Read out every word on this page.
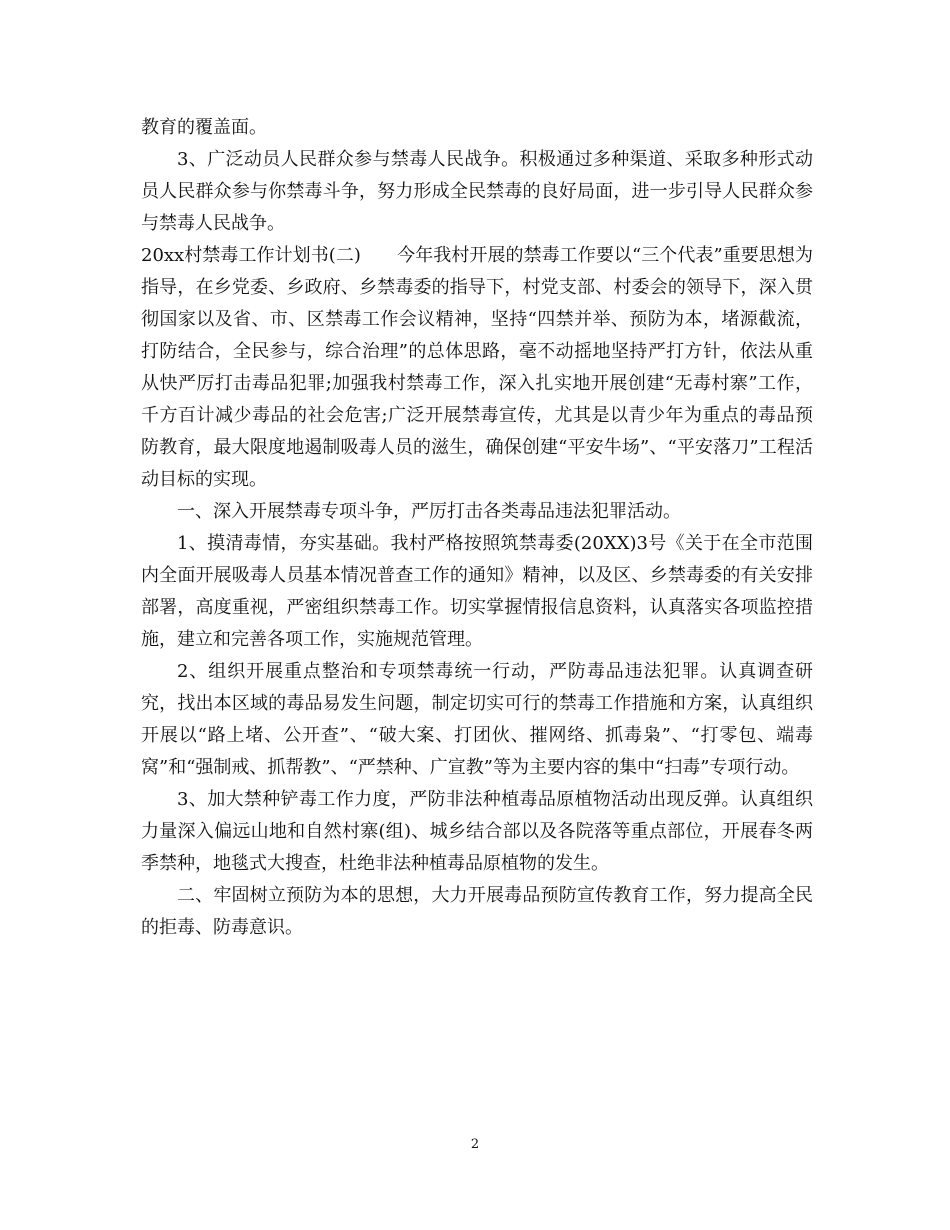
教育的覆盖面。

3、广泛动员人民群众参与禁毒人民战争。积极通过多种渠道、采取多种形式动员人民群众参与你禁毒斗争，努力形成全民禁毒的良好局面，进一步引导人民群众参与禁毒人民战争。

20xx村禁毒工作计划书(二)　　今年我村开展的禁毒工作要以“三个代表”重要思想为指导，在乡党委、乡政府、乡禁毒委的指导下，村党支部、村委会的领导下，深入贯彻国家以及省、市、区禁毒工作会议精神，坚持“四禁并举、预防为本，堵源截流，打防结合，全民参与，综合治理”的总体思路，毫不动摇地坚持严打方针，依法从重从快严厉打击毒品犯罪;加强我村禁毒工作，深入扎实地开展创建“无毒村寨”工作，千方百计减少毒品的社会危害;广泛开展禁毒宣传，尤其是以青少年为重点的毒品预防教育，最大限度地遏制吸毒人员的滋生，确保创建“平安牛场”、“平安落刀”工程活动目标的实现。

一、深入开展禁毒专项斗争，严厉打击各类毒品违法犯罪活动。

1、摸清毒情，夯实基础。我村严格按照筑禁毒委(20XX)3号《关于在全市范围内全面开展吸毒人员基本情况普查工作的通知》精神，以及区、乡禁毒委的有关安排部署，高度重视，严密组织禁毒工作。切实掌握情报信息资料，认真落实各项监控措施，建立和完善各项工作，实施规范管理。

2、组织开展重点整治和专项禁毒统一行动，严防毒品违法犯罪。认真调查研究，找出本区域的毒品易发生问题，制定切实可行的禁毒工作措施和方案，认真组织开展以“路上堵、公开查”、“破大案、打团伙、摧网络、抓毒枭”、“打零包、端毒窝”和“强制戒、抓帮教”、“严禁种、广宣教”等为主要内容的集中“扫毒”专项行动。

3、加大禁种铲毒工作力度，严防非法种植毒品原植物活动出现反弹。认真组织力量深入偏远山地和自然村寨(组)、城乡结合部以及各院落等重点部位，开展春冬两季禁种，地毯式大搜查，杜绝非法种植毒品原植物的发生。

二、牢固树立预防为本的思想，大力开展毒品预防宣传教育工作，努力提高全民的拒毒、防毒意识。

2
